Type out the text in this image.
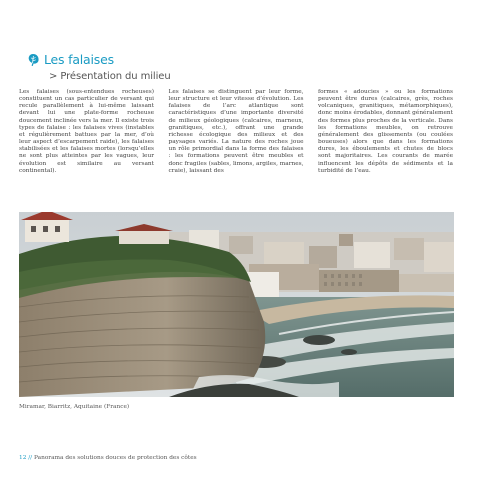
Les falaises
> Présentation du milieu

Les falaises (sous-entendues rocheuses) constituent un cas particulier de versant qui recule parallèlement à lui-même laissant devant lui une plate-forme rocheuse doucement inclinée vers la mer. Il existe trois types de falaise : les falaises vives (instables et régulièrement battues par la mer, d’où leur aspect d’escarpement raide), les falaises stabilisées et les falaises mortes (lorsqu’elles ne sont plus atteintes par les vagues, leur évolution est similaire au versant continental).

Les falaises se distinguent par leur forme, leur structure et leur vitesse d’évolution. Les falaises de l’arc atlantique sont caractéristiques d’une importante diversité de milieux géologiques (calcaires, marneux, granitiques, etc.), offrant une grande richesse écologique des milieux et des paysages variés. La nature des roches joue un rôle primordial dans la forme des falaises : les formations peuvent être meubles et donc fragiles (sables, limons, argiles, marnes, craie), laissant des

formes « adoucies » ou les formations peuvent être dures (calcaires, grès, roches volcaniques, granitiques, métamorphiques), donc moins érodables, donnant généralement des formes plus proches de la verticale. Dans les formations meubles, on retrouve généralement des glissements (ou coulées boueuses) alors que dans les formations dures, les éboulements et chutes de blocs sont majoritaires. Les courants de marée influencent les dépôts de sédiments et la turbidité de l’eau.

Miramar, Biarritz, Aquitaine (France)
12 // Panorama des solutions douces de protection des côtes
